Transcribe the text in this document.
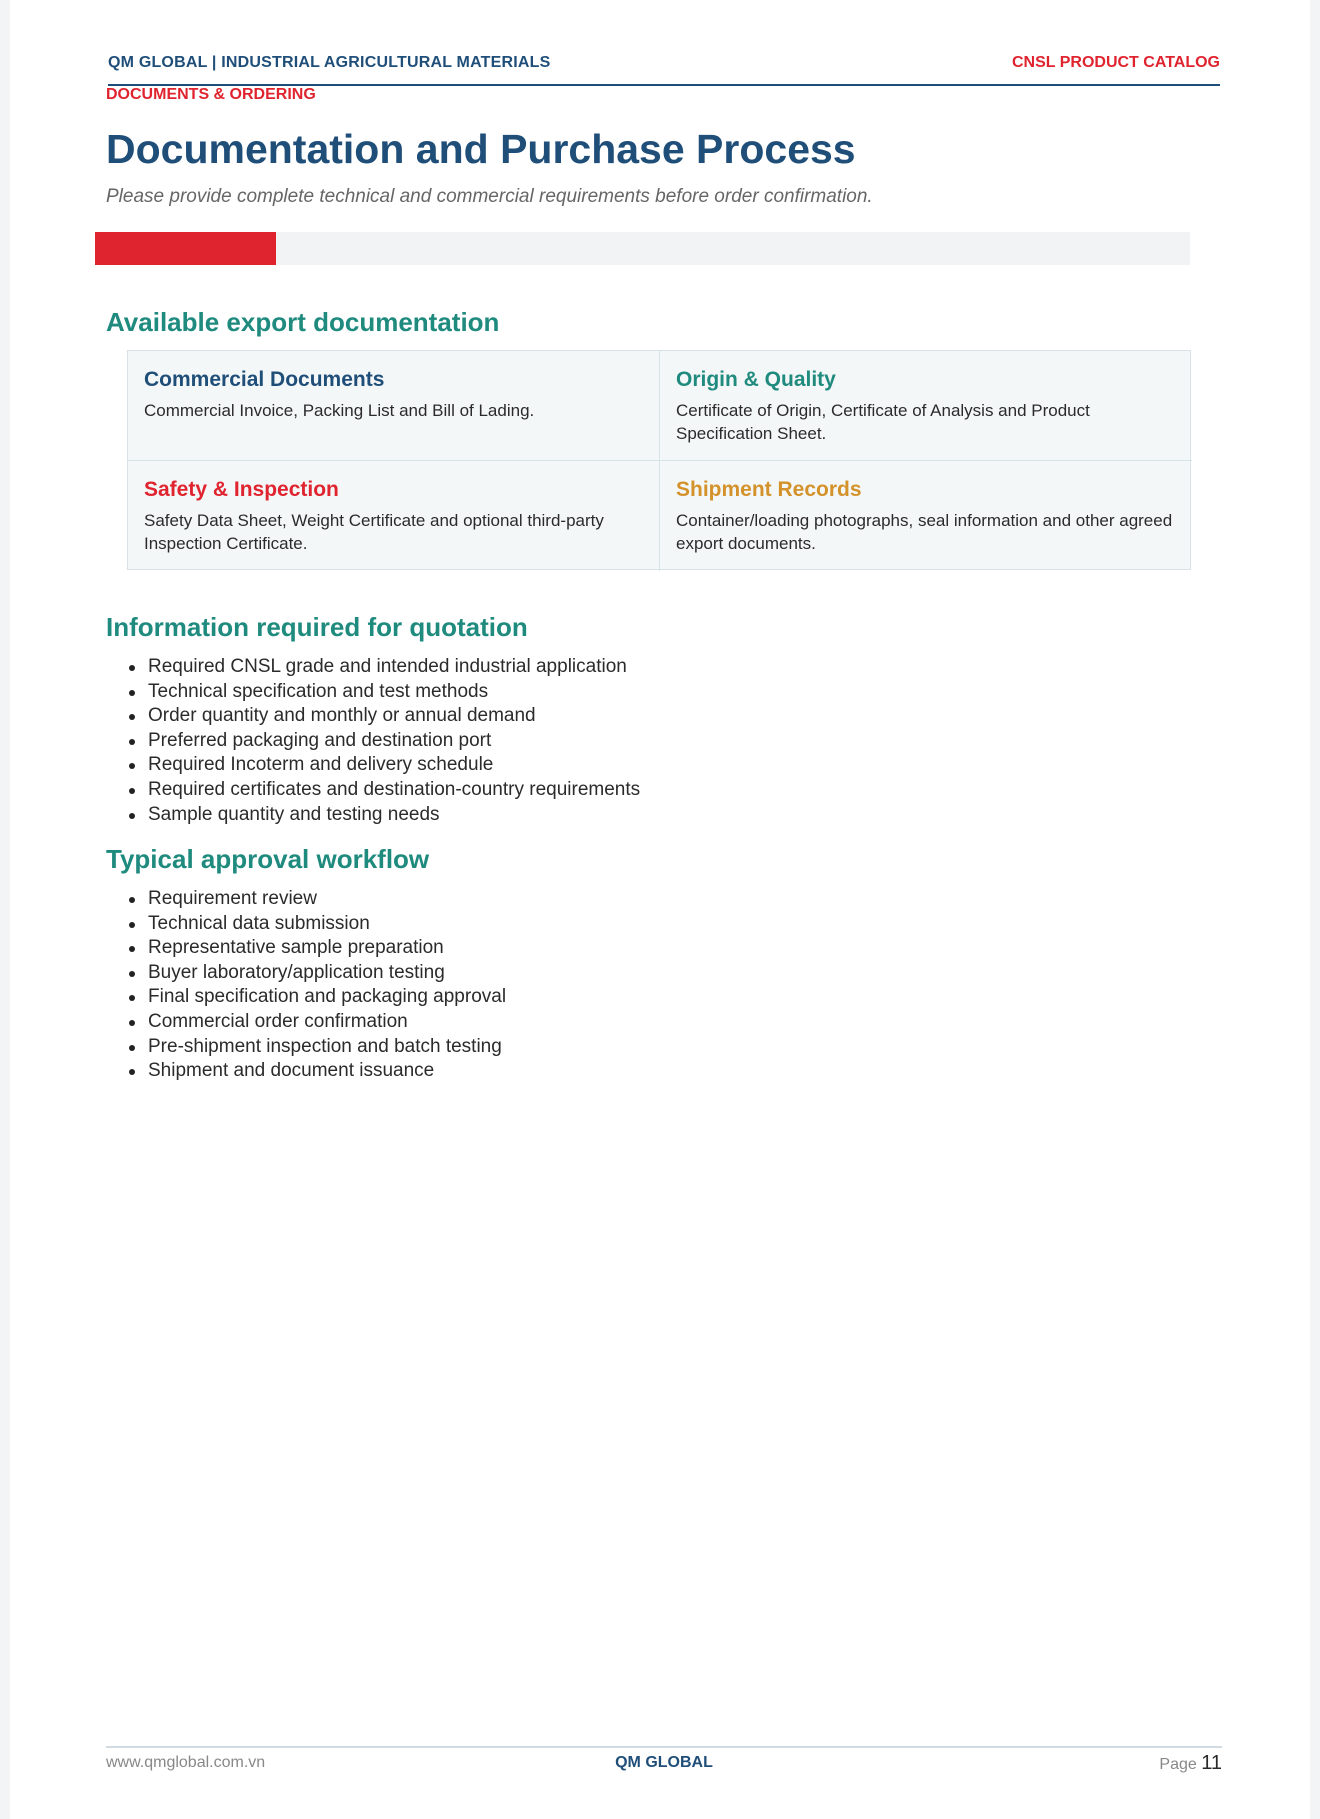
QM GLOBAL | INDUSTRIAL AGRICULTURAL MATERIALS	CNSL PRODUCT CATALOG
DOCUMENTS & ORDERING
Documentation and Purchase Process
Please provide complete technical and commercial requirements before order confirmation.
Available export documentation
Commercial Documents
Commercial Invoice, Packing List and Bill of Lading.
Origin & Quality
Certificate of Origin, Certificate of Analysis and Product Specification Sheet.
Safety & Inspection
Safety Data Sheet, Weight Certificate and optional third-party Inspection Certificate.
Shipment Records
Container/loading photographs, seal information and other agreed export documents.
Information required for quotation
Required CNSL grade and intended industrial application
Technical specification and test methods
Order quantity and monthly or annual demand
Preferred packaging and destination port
Required Incoterm and delivery schedule
Required certificates and destination-country requirements
Sample quantity and testing needs
Typical approval workflow
Requirement review
Technical data submission
Representative sample preparation
Buyer laboratory/application testing
Final specification and packaging approval
Commercial order confirmation
Pre-shipment inspection and batch testing
Shipment and document issuance
www.qmglobal.com.vn	QM GLOBAL	Page 11
